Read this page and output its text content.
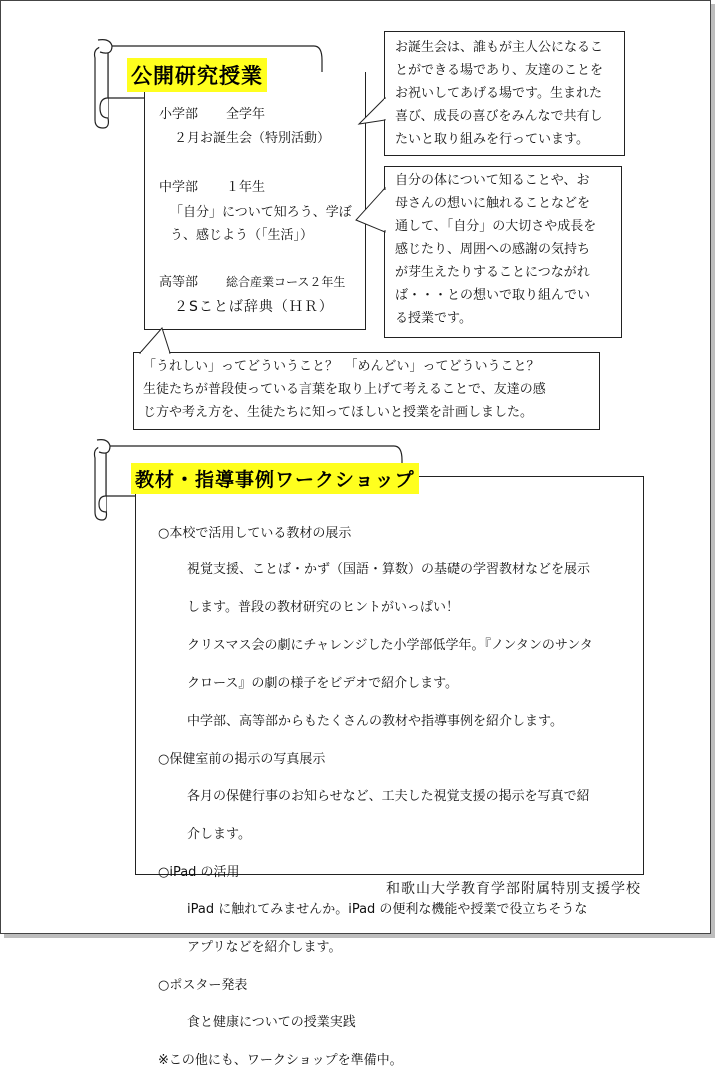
公開研究授業
小学部 全学年
２月お誕生会（特別活動）
中学部 １年生
「自分」について知ろう、学ぼ
う、感じよう（「生活」）
高等部 総合産業コース２年生
２Sことば辞典（ＨＲ）

お誕生会は、誰もが主人公になるこ

とができる場であり、友達のことを

お祝いしてあげる場です。生まれた

喜び、成長の喜びをみんなで共有し

たいと取り組みを行っています。

自分の体について知ることや、お

母さんの想いに触れることなどを

通して、「自分」の大切さや成長を

感じたり、周囲への感謝の気持ち

が芽生えたりすることにつながれ

ば・・・との想いで取り組んでい

る授業です。

「うれしい」ってどういうこと？　「めんどい」ってどういうこと？

生徒たちが普段使っている言葉を取り上げて考えることで、友達の感

じ方や考え方を、生徒たちに知ってほしいと授業を計画しました。

教材・指導事例ワークショップ

○本校で活用している教材の展示

視覚支援、ことば・かず（国語・算数）の基礎の学習教材などを展示

します。普段の教材研究のヒントがいっぱい！

クリスマス会の劇にチャレンジした小学部低学年。『ノンタンのサンタ

クロース』の劇の様子をビデオで紹介します。

中学部、高等部からもたくさんの教材や指導事例を紹介します。

○保健室前の掲示の写真展示

各月の保健行事のお知らせなど、工夫した視覚支援の掲示を写真で紹

介します。

○iPad の活用

iPad に触れてみませんか。iPad の便利な機能や授業で役立ちそうな

アプリなどを紹介します。

○ポスター発表

食と健康についての授業実践

※この他にも、ワークショップを準備中。

和歌山大学教育学部附属特別支援学校
